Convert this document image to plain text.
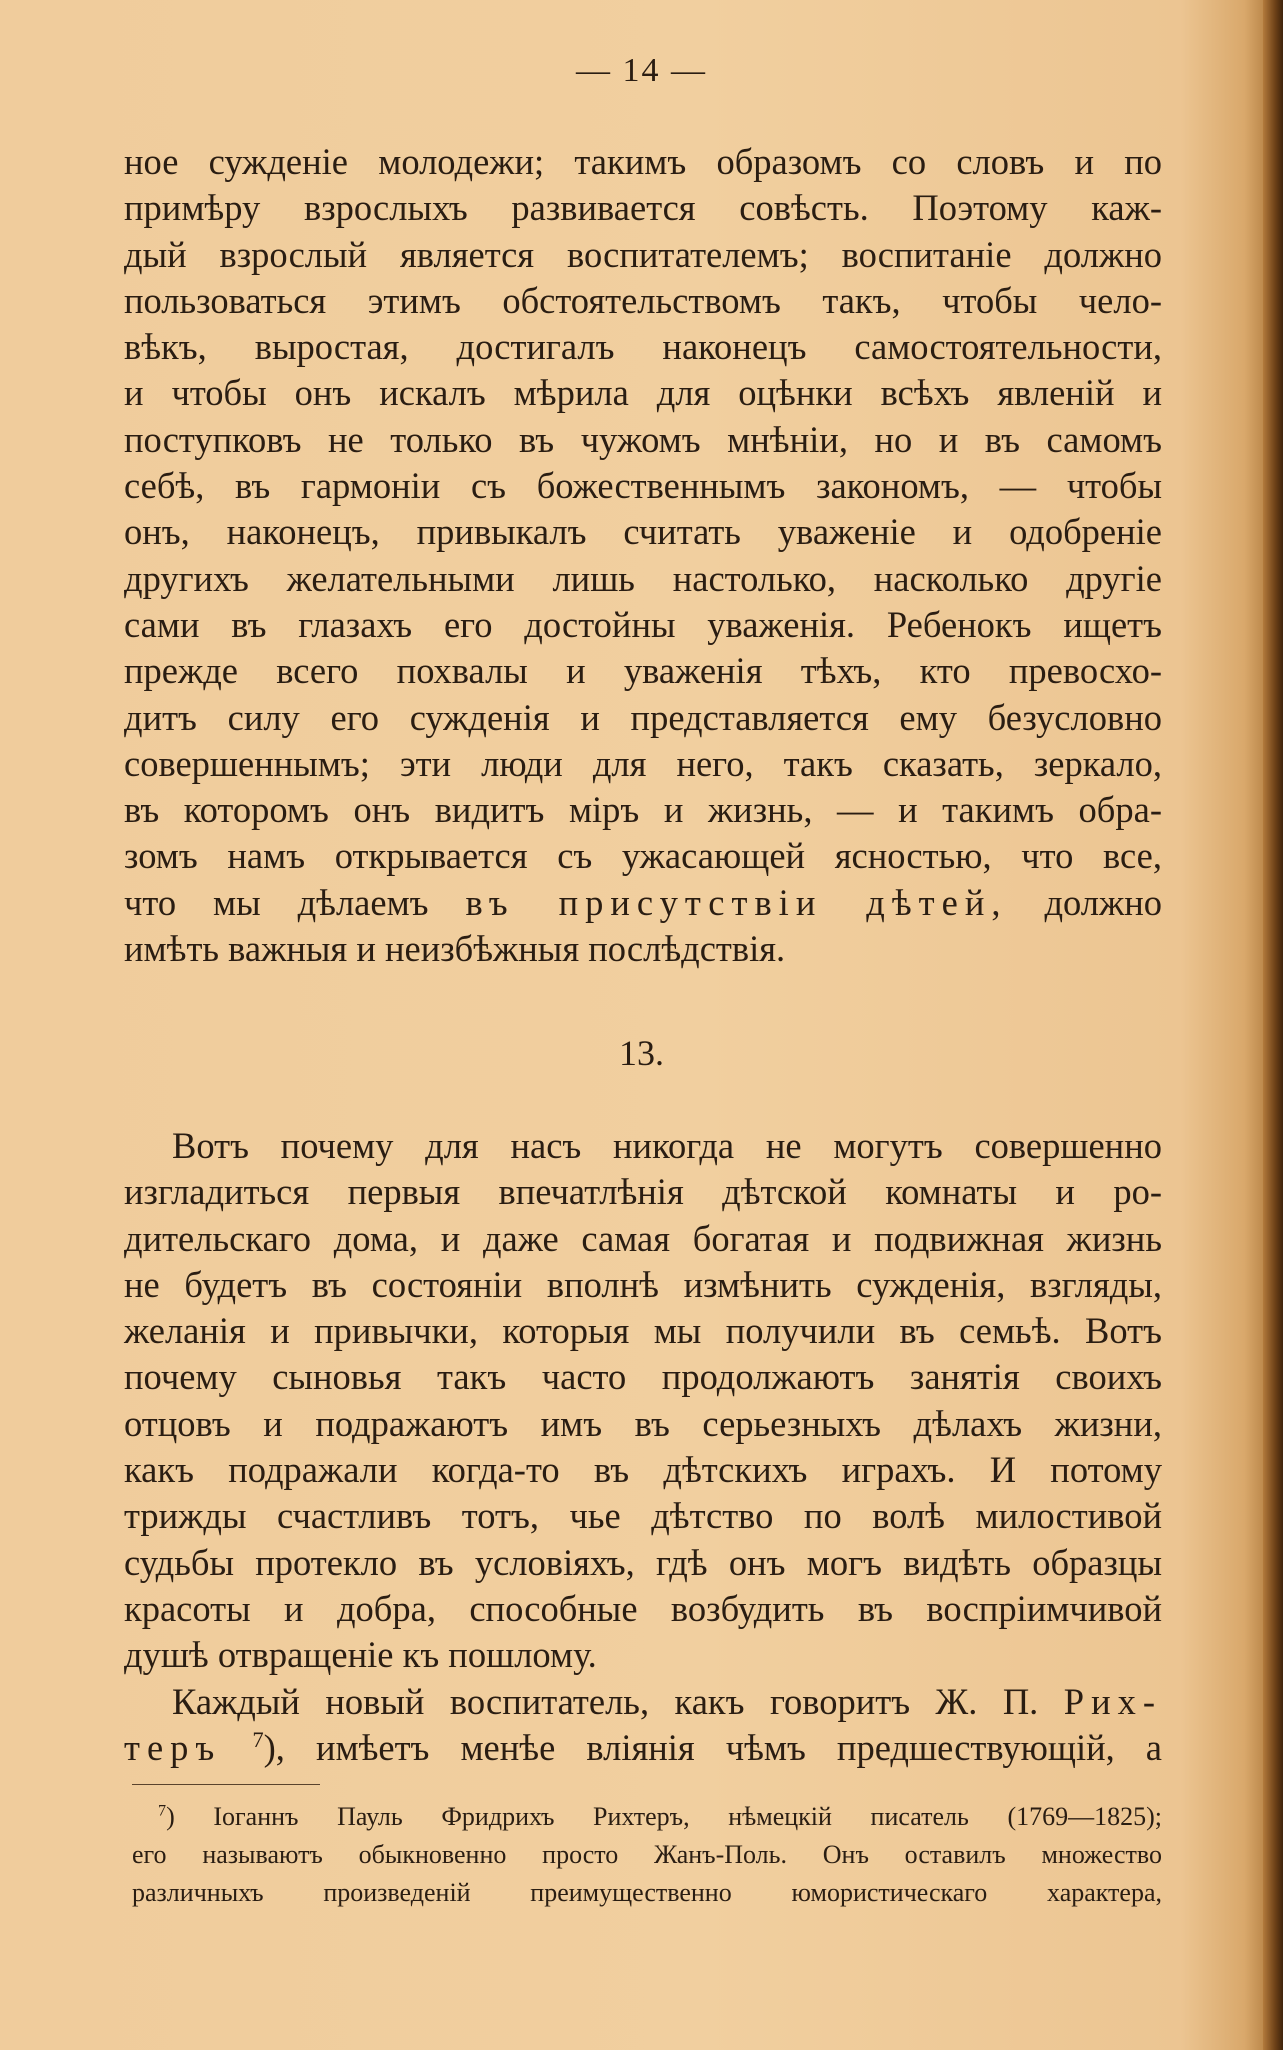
— 14 —
ное сужденіе молодежи; такимъ образомъ со словъ и по
примѣру взрослыхъ развивается совѣсть. Поэтому каж-
дый взрослый является воспитателемъ; воспитаніе должно
пользоваться этимъ обстоятельствомъ такъ, чтобы чело-
вѣкъ, выростая, достигалъ наконецъ самостоятельности,
и чтобы онъ искалъ мѣрила для оцѣнки всѣхъ явленій и
поступковъ не только въ чужомъ мнѣніи, но и въ самомъ
себѣ, въ гармоніи съ божественнымъ закономъ, — чтобы
онъ, наконецъ, привыкалъ считать уваженіе и одобреніе
другихъ желательными лишь настолько, насколько другіе
сами въ глазахъ его достойны уваженія. Ребенокъ ищетъ
прежде всего похвалы и уваженія тѣхъ, кто превосхо-
дитъ силу его сужденія и представляется ему безусловно
совершеннымъ; эти люди для него, такъ сказать, зеркало,
въ которомъ онъ видитъ міръ и жизнь, — и такимъ обра-
зомъ намъ открывается съ ужасающей ясностью, что все,
что мы дѣлаемъ въ присутствіи дѣтей, должно
имѣть важныя и неизбѣжныя послѣдствія.
13.
Вотъ почему для насъ никогда не могутъ совершенно
изгладиться первыя впечатлѣнія дѣтской комнаты и ро-
дительскаго дома, и даже самая богатая и подвижная жизнь
не будетъ въ состояніи вполнѣ измѣнить сужденія, взгляды,
желанія и привычки, которыя мы получили въ семьѣ. Вотъ
почему сыновья такъ часто продолжаютъ занятія своихъ
отцовъ и подражаютъ имъ въ серьезныхъ дѣлахъ жизни,
какъ подражали когда-то въ дѣтскихъ играхъ. И потому
трижды счастливъ тотъ, чье дѣтство по волѣ милостивой
судьбы протекло въ условіяхъ, гдѣ онъ могъ видѣть образцы
красоты и добра, способные возбудить въ воспріимчивой
душѣ отвращеніе къ пошлому.
Каждый новый воспитатель, какъ говоритъ Ж. П. Рих-
теръ $^7$), имѣетъ менѣе вліянія чѣмъ предшествующій, а
$^7$) Іоганнъ Пауль Фридрихъ Рихтеръ, нѣмецкій писатель (1769—1825);
его называютъ обыкновенно просто Жанъ-Поль. Онъ оставилъ множество
различныхъ произведеній преимущественно юмористическаго характера,
